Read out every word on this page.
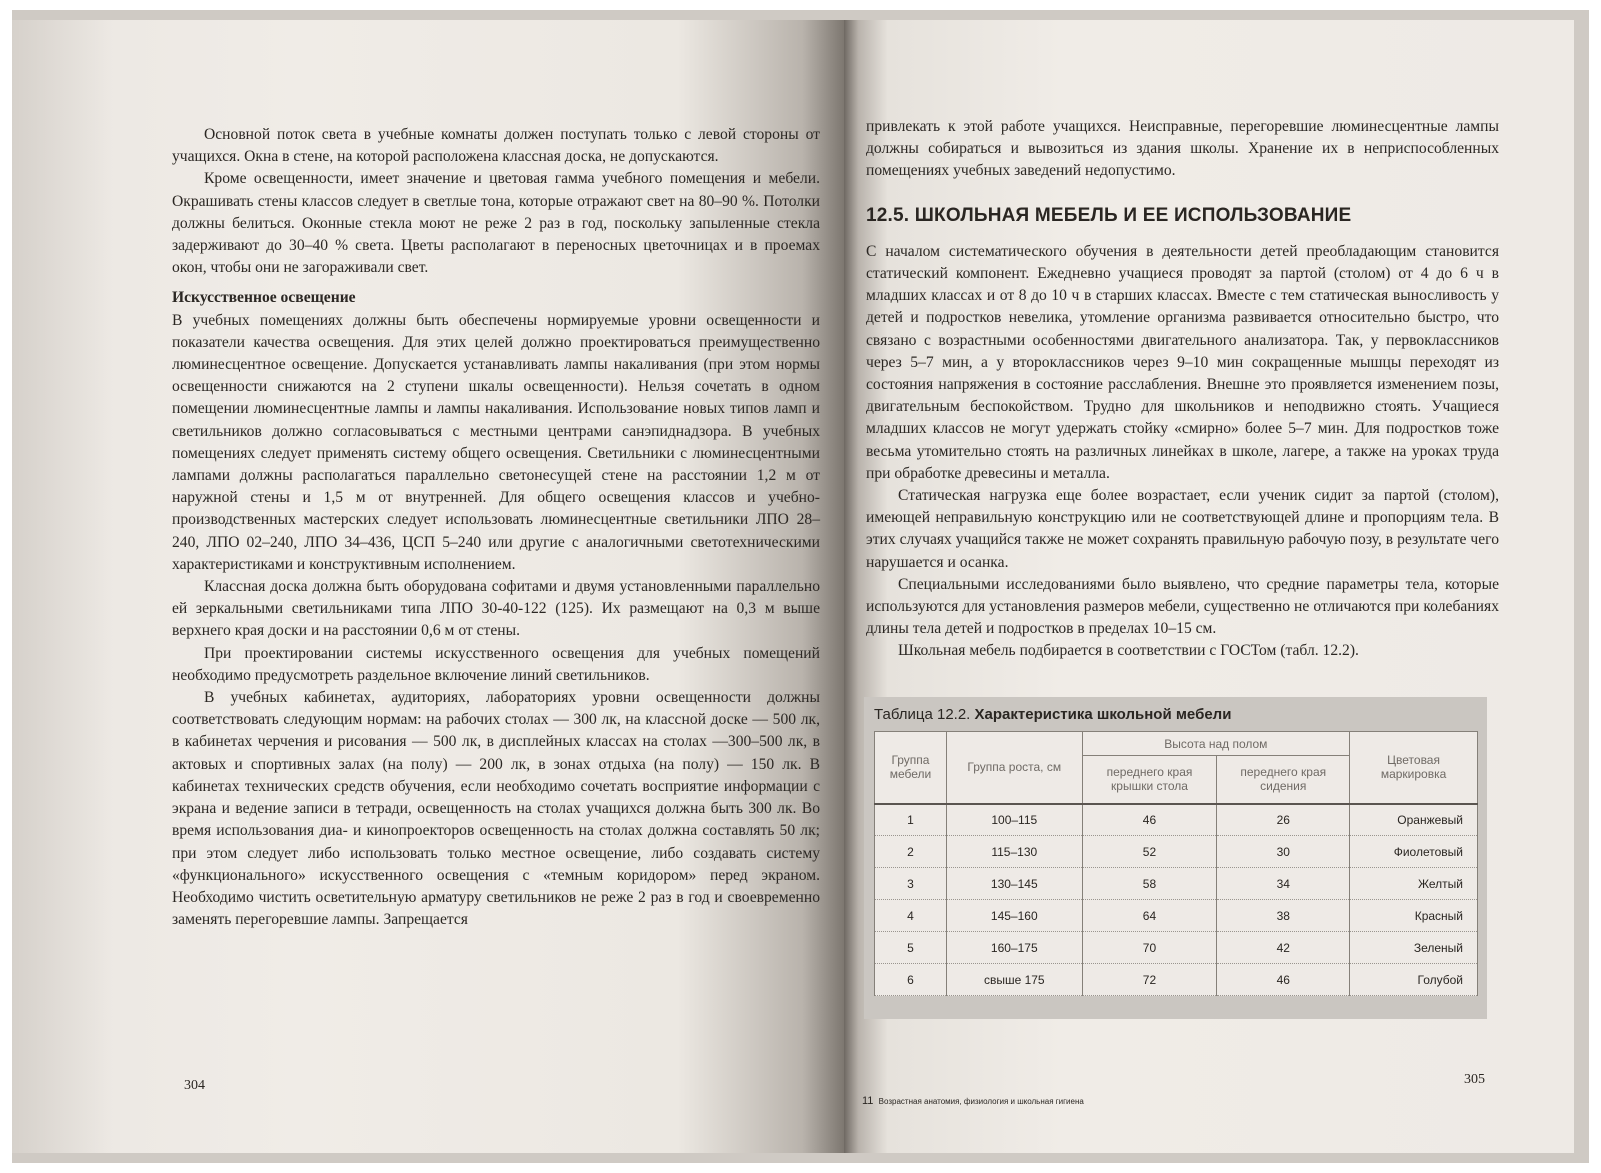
Основной поток света в учебные комнаты должен поступать только с левой стороны от учащихся. Окна в стене, на которой расположена классная доска, не допускаются.

Кроме освещенности, имеет значение и цветовая гамма учебного помещения и мебели. Окрашивать стены классов следует в светлые тона, которые отражают свет на 80–90 %. Потолки должны белиться. Оконные стекла моют не реже 2 раз в год, поскольку запыленные стекла задерживают до 30–40 % света. Цветы располагают в переносных цветочницах и в проемах окон, чтобы они не загораживали свет.

Искусственное освещение

В учебных помещениях должны быть обеспечены нормируемые уровни освещенности и показатели качества освещения. Для этих целей должно проектироваться преимущественно люминесцентное освещение. Допускается устанавливать лампы накаливания (при этом нормы освещенности снижаются на 2 ступени шкалы освещенности). Нельзя сочетать в одном помещении люминесцентные лампы и лампы накаливания. Использование новых типов ламп и светильников должно согласовываться с местными центрами санэпиднадзора. В учебных помещениях следует применять систему общего освещения. Светильники с люминесцентными лампами должны располагаться параллельно светонесущей стене на расстоянии 1,2 м от наружной стены и 1,5 м от внутренней. Для общего освещения классов и учебно-производственных мастерских следует использовать люминесцентные светильники ЛПО 28–240, ЛПО 02–240, ЛПО 34–436, ЦСП 5–240 или другие с аналогичными светотехническими характеристиками и конструктивным исполнением.

Классная доска должна быть оборудована софитами и двумя установленными параллельно ей зеркальными светильниками типа ЛПО 30-40-122 (125). Их размещают на 0,3 м выше верхнего края доски и на расстоянии 0,6 м от стены.

При проектировании системы искусственного освещения для учебных помещений необходимо предусмотреть раздельное включение линий светильников.

В учебных кабинетах, аудиториях, лабораториях уровни освещенности должны соответствовать следующим нормам: на рабочих столах — 300 лк, на классной доске — 500 лк, в кабинетах черчения и рисования — 500 лк, в дисплейных классах на столах —300–500 лк, в актовых и спортивных залах (на полу) — 200 лк, в зонах отдыха (на полу) — 150 лк. В кабинетах технических средств обучения, если необходимо сочетать восприятие информации с экрана и ведение записи в тетради, освещенность на столах учащихся должна быть 300 лк. Во время использования диа- и кинопроекторов освещенность на столах должна составлять 50 лк; при этом следует либо использовать только местное освещение, либо создавать систему «функционального» искусственного освещения с «темным коридором» перед экраном. Необходимо чистить осветительную арматуру светильников не реже 2 раз в год и своевременно заменять перегоревшие лампы. Запрещается

304

привлекать к этой работе учащихся. Неисправные, перегоревшие люминесцентные лампы должны собираться и вывозиться из здания школы. Хранение их в неприспособленных помещениях учебных заведений недопустимо.

12.5. ШКОЛЬНАЯ МЕБЕЛЬ И ЕЕ ИСПОЛЬЗОВАНИЕ

С началом систематического обучения в деятельности детей преобладающим становится статический компонент. Ежедневно учащиеся проводят за партой (столом) от 4 до 6 ч в младших классах и от 8 до 10 ч в старших классах. Вместе с тем статическая выносливость у детей и подростков невелика, утомление организма развивается относительно быстро, что связано с возрастными особенностями двигательного анализатора. Так, у первоклассников через 5–7 мин, а у второклассников через 9–10 мин сокращенные мышцы переходят из состояния напряжения в состояние расслабления. Внешне это проявляется изменением позы, двигательным беспокойством. Трудно для школьников и неподвижно стоять. Учащиеся младших классов не могут удержать стойку «смирно» более 5–7 мин. Для подростков тоже весьма утомительно стоять на различных линейках в школе, лагере, а также на уроках труда при обработке древесины и металла.

Статическая нагрузка еще более возрастает, если ученик сидит за партой (столом), имеющей неправильную конструкцию или не соответствующей длине и пропорциям тела. В этих случаях учащийся также не может сохранять правильную рабочую позу, в результате чего нарушается и осанка.

Специальными исследованиями было выявлено, что средние параметры тела, которые используются для установления размеров мебели, существенно не отличаются при колебаниях длины тела детей и подростков в пределах 10–15 см.

Школьная мебель подбирается в соответствии с ГОСТом (табл. 12.2).

Таблица 12.2. Характеристика школьной мебели
Группа мебели	Группа роста, см	Высота над полом		Цветовая маркировка
		переднего края крышки стола	переднего края сидения	
1	100–115	46	26	Оранжевый
2	115–130	52	30	Фиолетовый
3	130–145	58	34	Желтый
4	145–160	64	38	Красный
5	160–175	70	42	Зеленый
6	свыше 175	72	46	Голубой
305
11 Возрастная анатомия, физиология и школьная гигиена
